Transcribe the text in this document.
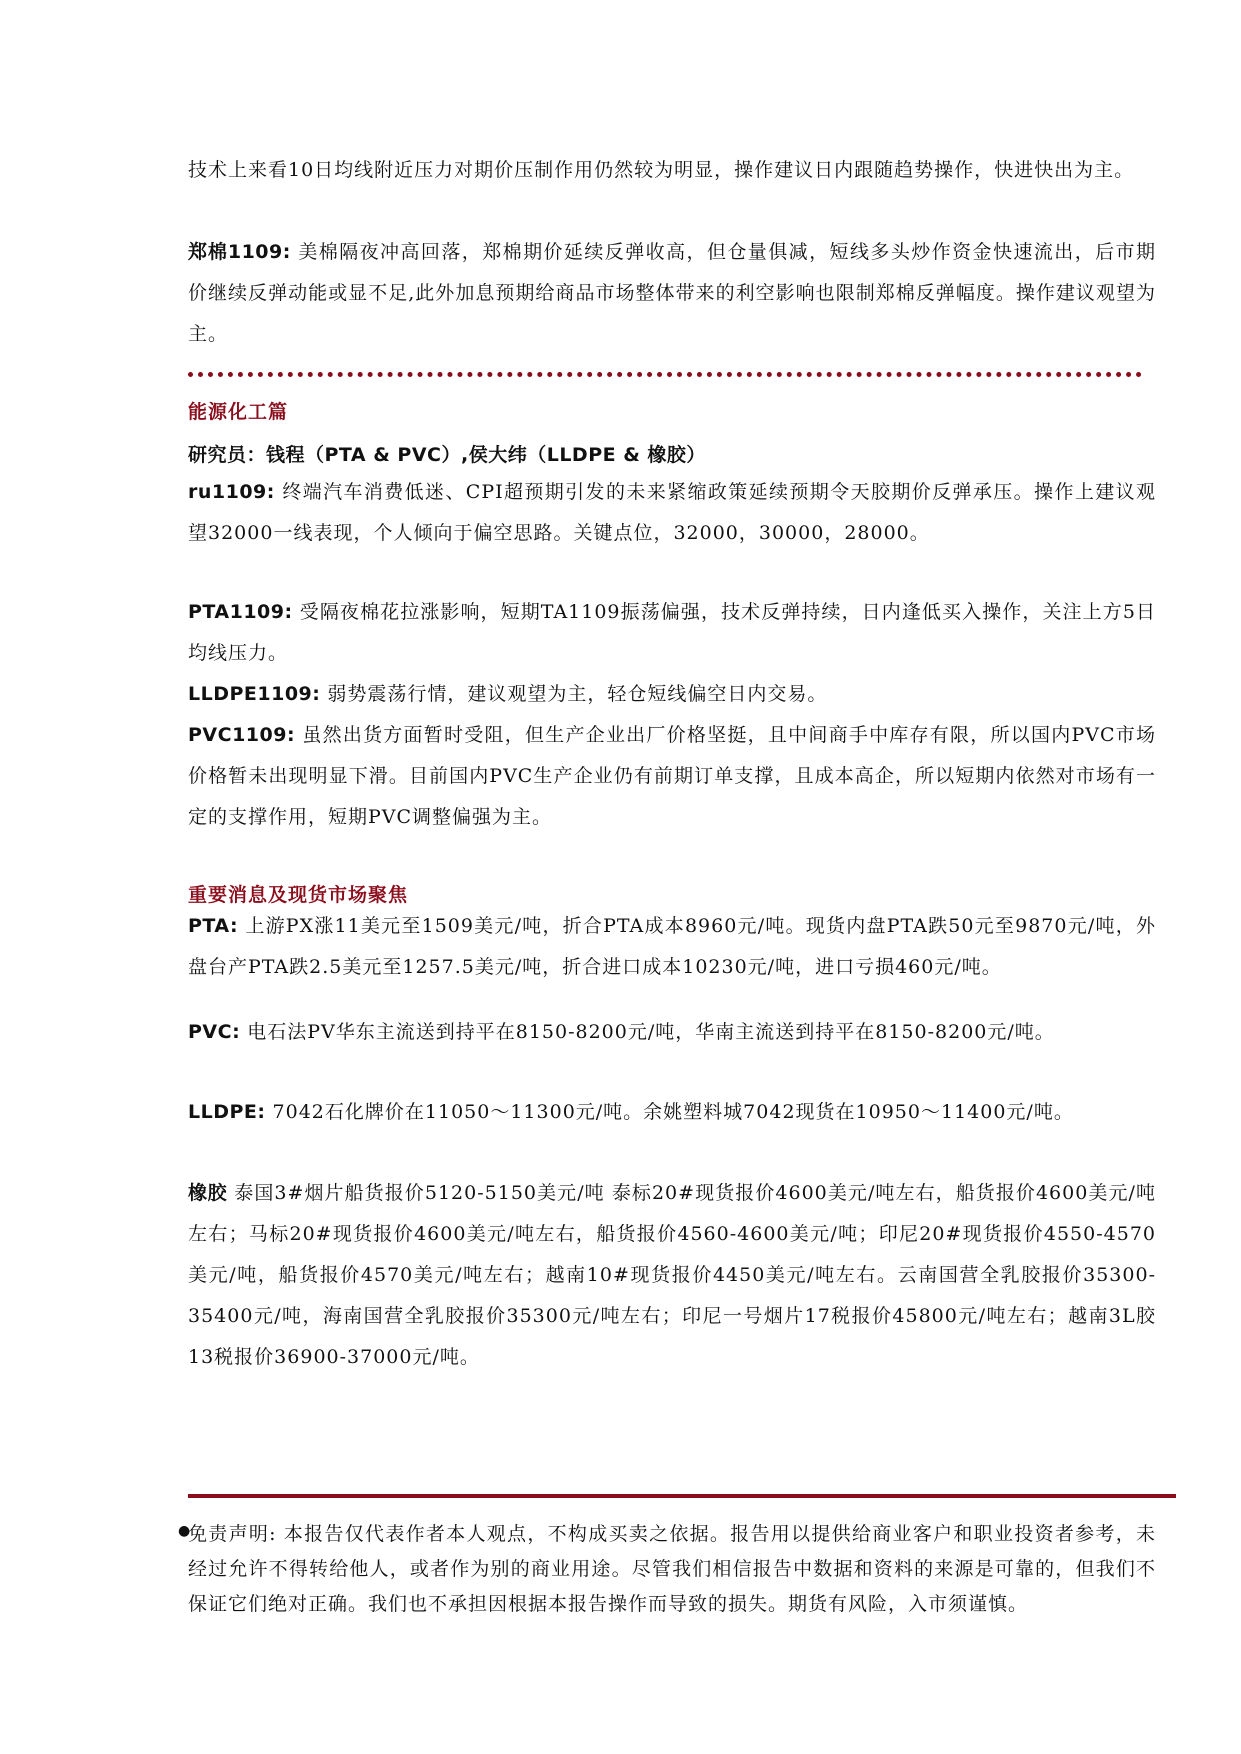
技术上来看10日均线附近压力对期价压制作用仍然较为明显，操作建议日内跟随趋势操作，快进快出为主。
郑棉1109: 美棉隔夜冲高回落，郑棉期价延续反弹收高，但仓量俱减，短线多头炒作资金快速流出，后市期价继续反弹动能或显不足,此外加息预期给商品市场整体带来的利空影响也限制郑棉反弹幅度。操作建议观望为主。
能源化工篇
研究员：钱程（PTA & PVC）,侯大纬（LLDPE & 橡胶）
ru1109: 终端汽车消费低迷、CPI超预期引发的未来紧缩政策延续预期令天胶期价反弹承压。操作上建议观望32000一线表现，个人倾向于偏空思路。关键点位，32000，30000，28000。
PTA1109: 受隔夜棉花拉涨影响，短期TA1109振荡偏强，技术反弹持续，日内逢低买入操作，关注上方5日均线压力。
LLDPE1109: 弱势震荡行情，建议观望为主，轻仓短线偏空日内交易。
PVC1109: 虽然出货方面暂时受阻，但生产企业出厂价格坚挺，且中间商手中库存有限，所以国内PVC市场价格暂未出现明显下滑。目前国内PVC生产企业仍有前期订单支撑，且成本高企，所以短期内依然对市场有一定的支撑作用，短期PVC调整偏强为主。
重要消息及现货市场聚焦
PTA: 上游PX涨11美元至1509美元/吨，折合PTA成本8960元/吨。现货内盘PTA跌50元至9870元/吨，外盘台产PTA跌2.5美元至1257.5美元/吨，折合进口成本10230元/吨，进口亏损460元/吨。
PVC: 电石法PV华东主流送到持平在8150-8200元/吨，华南主流送到持平在8150-8200元/吨。
LLDPE: 7042石化牌价在11050～11300元/吨。余姚塑料城7042现货在10950～11400元/吨。
橡胶 泰国3#烟片船货报价5120-5150美元/吨 泰标20#现货报价4600美元/吨左右，船货报价4600美元/吨左右；马标20#现货报价4600美元/吨左右，船货报价4560-4600美元/吨；印尼20#现货报价4550-4570美元/吨，船货报价4570美元/吨左右；越南10#现货报价4450美元/吨左右。云南国营全乳胶报价35300-35400元/吨，海南国营全乳胶报价35300元/吨左右；印尼一号烟片17税报价45800元/吨左右；越南3L胶13税报价36900-37000元/吨。
●
免责声明: 本报告仅代表作者本人观点，不构成买卖之依据。报告用以提供给商业客户和职业投资者参考，未经过允许不得转给他人，或者作为别的商业用途。尽管我们相信报告中数据和资料的来源是可靠的，但我们不保证它们绝对正确。我们也不承担因根据本报告操作而导致的损失。期货有风险，入市须谨慎。
